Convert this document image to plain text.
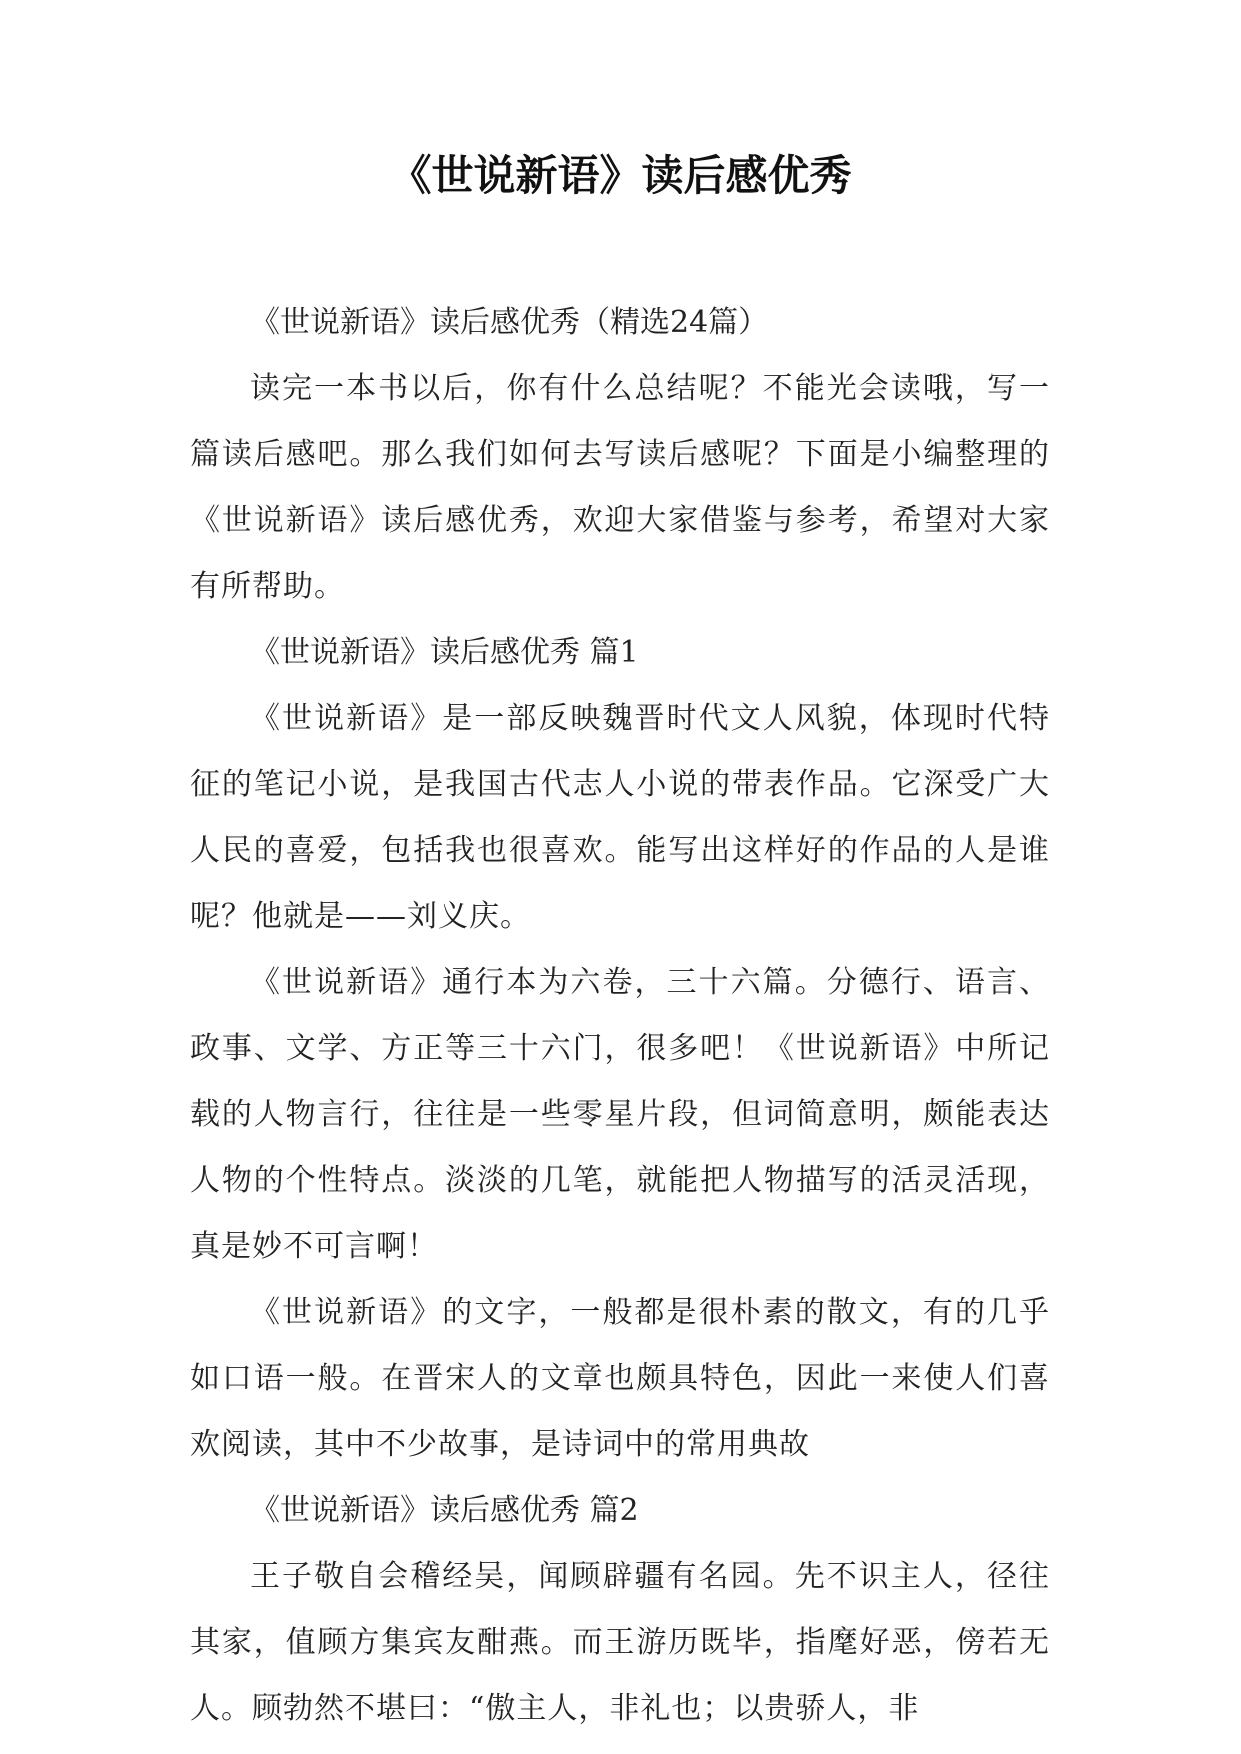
《世说新语》读后感优秀

《世说新语》读后感优秀（精选24篇）

读完一本书以后，你有什么总结呢？不能光会读哦，写一篇读后感吧。那么我们如何去写读后感呢？下面是小编整理的《世说新语》读后感优秀，欢迎大家借鉴与参考，希望对大家有所帮助。

《世说新语》读后感优秀 篇1

《世说新语》是一部反映魏晋时代文人风貌，体现时代特征的笔记小说，是我国古代志人小说的带表作品。它深受广大人民的喜爱，包括我也很喜欢。能写出这样好的作品的人是谁呢？他就是——刘义庆。

《世说新语》通行本为六卷，三十六篇。分德行、语言、政事、文学、方正等三十六门，很多吧！《世说新语》中所记载的人物言行，往往是一些零星片段，但词简意明，颇能表达人物的个性特点。淡淡的几笔，就能把人物描写的活灵活现，真是妙不可言啊！

《世说新语》的文字，一般都是很朴素的散文，有的几乎如口语一般。在晋宋人的文章也颇具特色，因此一来使人们喜欢阅读，其中不少故事，是诗词中的常用典故

《世说新语》读后感优秀 篇2

王子敬自会稽经吴，闻顾辟疆有名园。先不识主人，径往其家，值顾方集宾友酣燕。而王游历既毕，指麾好恶，傍若无人。顾勃然不堪曰：“傲主人，非礼也；以贵骄人，非
